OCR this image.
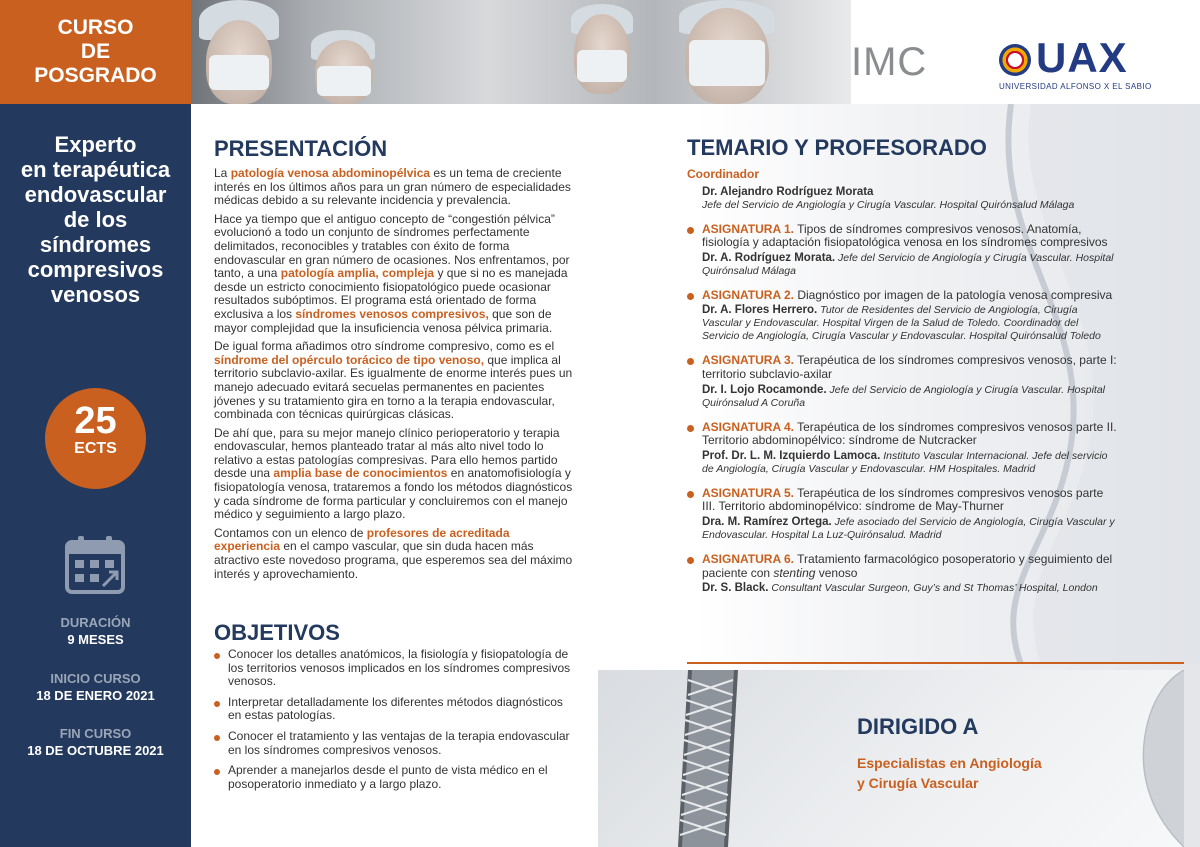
CURSO
DE
POSGRADO	IMC	UAX
UNIVERSIDAD ALFONSO X EL SABIO
Experto
en terapéutica
endovascular
de los
síndromes
compresivos
venosos
25
ECTS
DURACIÓN
9 MESES
INICIO CURSO
18 DE ENERO 2021
FIN CURSO
18 DE OCTUBRE 2021
PRESENTACIÓN

La patología venosa abdominopélvica es un tema de creciente interés en los últimos años para un gran número de especialidades médicas debido a su relevante incidencia y prevalencia.

Hace ya tiempo que el antiguo concepto de “congestión pélvica” evolucionó a todo un conjunto de síndromes perfectamente delimitados, reconocibles y tratables con éxito de forma endovascular en gran número de ocasiones. Nos enfrentamos, por tanto, a una patología amplia, compleja y que si no es manejada desde un estricto conocimiento fisiopatológico puede ocasionar resultados subóptimos. El programa está orientado de forma exclusiva a los síndromes venosos compresivos, que son de mayor complejidad que la insuficiencia venosa pélvica primaria.

De igual forma añadimos otro síndrome compresivo, como es el síndrome del opérculo torácico de tipo venoso, que implica al territorio subclavio-axilar. Es igualmente de enorme interés pues un manejo adecuado evitará secuelas permanentes en pacientes jóvenes y su tratamiento gira en torno a la terapia endovascular, combinada con técnicas quirúrgicas clásicas.

De ahí que, para su mejor manejo clínico perioperatorio y terapia endovascular, hemos planteado tratar al más alto nivel todo lo relativo a estas patologías compresivas. Para ello hemos partido desde una amplia base de conocimientos en anatomofisiología y fisiopatología venosa, trataremos a fondo los métodos diagnósticos y cada síndrome de forma particular y concluiremos con el manejo médico y seguimiento a largo plazo.

Contamos con un elenco de profesores de acreditada experiencia en el campo vascular, que sin duda hacen más atractivo este novedoso programa, que esperemos sea del máximo interés y aprovechamiento.

OBJETIVOS
Conocer los detalles anatómicos, la fisiología y fisiopatología de los territorios venosos implicados en los síndromes compresivos venosos.
Interpretar detalladamente los diferentes métodos diagnósticos en estas patologías.
Conocer el tratamiento y las ventajas de la terapia endovascular en los síndromes compresivos venosos.
Aprender a manejarlos desde el punto de vista médico en el posoperatorio inmediato y a largo plazo.
TEMARIO Y PROFESORADO
Coordinador
Dr. Alejandro Rodríguez Morata
Jefe del Servicio de Angiología y Cirugía Vascular. Hospital Quirónsalud Málaga
ASIGNATURA 1. Tipos de síndromes compresivos venosos. Anatomía, fisiología y adaptación fisiopatológica venosa en los síndromes compresivos
Dr. A. Rodríguez Morata. Jefe del Servicio de Angiología y Cirugía Vascular. Hospital Quirónsalud Málaga
ASIGNATURA 2. Diagnóstico por imagen de la patología venosa compresiva
Dr. A. Flores Herrero. Tutor de Residentes del Servicio de Angiología, Cirugía Vascular y Endovascular. Hospital Virgen de la Salud de Toledo. Coordinador del Servicio de Angiología, Cirugía Vascular y Endovascular. Hospital Quirónsalud Toledo
ASIGNATURA 3. Terapéutica de los síndromes compresivos venosos, parte I: territorio subclavio-axilar
Dr. I. Lojo Rocamonde. Jefe del Servicio de Angiología y Cirugía Vascular. Hospital Quirónsalud A Coruña
ASIGNATURA 4. Terapéutica de los síndromes compresivos venosos parte II. Territorio abdominopélvico: síndrome de Nutcracker
Prof. Dr. L. M. Izquierdo Lamoca. Instituto Vascular Internacional. Jefe del servicio de Angiología, Cirugía Vascular y Endovascular. HM Hospitales. Madrid
ASIGNATURA 5. Terapéutica de los síndromes compresivos venosos parte III. Territorio abdominopélvico: síndrome de May-Thurner
Dra. M. Ramírez Ortega. Jefe asociado del Servicio de Angiología, Cirugía Vascular y Endovascular. Hospital La Luz-Quirónsalud. Madrid
ASIGNATURA 6. Tratamiento farmacológico posoperatorio y seguimiento del paciente con stenting venoso
Dr. S. Black. Consultant Vascular Surgeon, Guy’s and St Thomas’ Hospital, London
DIRIGIDO A
Especialistas en Angiología
y Cirugía Vascular
